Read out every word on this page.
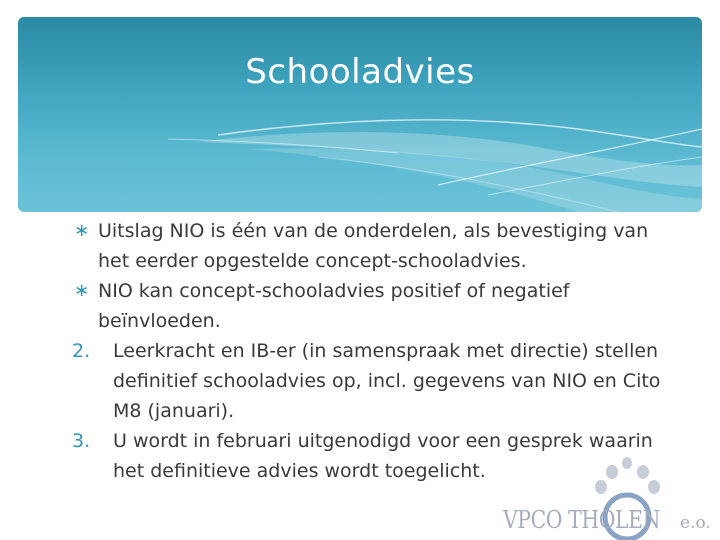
Schooladvies

∗ Uitslag NIO is één van de onderdelen, als bevestiging van het eerder opgestelde concept-schooladvies.

∗ NIO kan concept-schooladvies positief of negatief beïnvloeden.

2. Leerkracht en IB-er (in samenspraak met directie) stellen definitief schooladvies op, incl. gegevens van NIO en Cito M8 (januari).

3. U wordt in februari uitgenodigd voor een gesprek waarin het definitieve advies wordt toegelicht.

VPCO THOLEN e.o.
